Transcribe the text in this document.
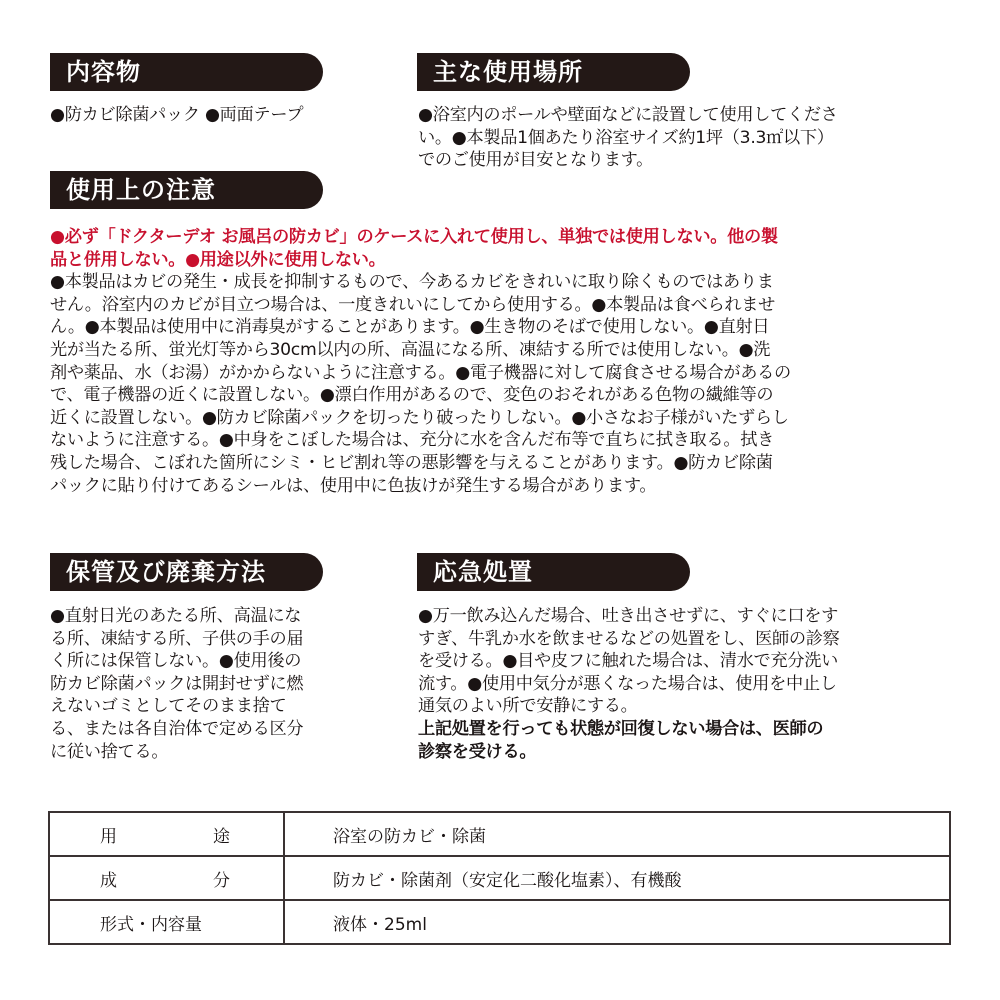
内容物
●防カビ除菌パック ●両面テープ
主な使用場所
●浴室内のポールや壁面などに設置して使用してくださ
い。●本製品1個あたり浴室サイズ約1坪（3.3㎡以下）
でのご使用が目安となります。
使用上の注意
●必ず「ドクターデオ お風呂の防カビ」のケースに入れて使用し、単独では使用しない。他の製
品と併用しない。●用途以外に使用しない。
●本製品はカビの発生・成長を抑制するもので、今あるカビをきれいに取り除くものではありま
せん。浴室内のカビが目立つ場合は、一度きれいにしてから使用する。●本製品は食べられませ
ん。●本製品は使用中に消毒臭がすることがあります。●生き物のそばで使用しない。●直射日
光が当たる所、蛍光灯等から30cm以内の所、高温になる所、凍結する所では使用しない。●洗
剤や薬品、水（お湯）がかからないように注意する。●電子機器に対して腐食させる場合があるの
で、電子機器の近くに設置しない。●漂白作用があるので、変色のおそれがある色物の繊維等の
近くに設置しない。●防カビ除菌パックを切ったり破ったりしない。●小さなお子様がいたずらし
ないように注意する。●中身をこぼした場合は、充分に水を含んだ布等で直ちに拭き取る。拭き
残した場合、こぼれた箇所にシミ・ヒビ割れ等の悪影響を与えることがあります。●防カビ除菌
パックに貼り付けてあるシールは、使用中に色抜けが発生する場合があります。
保管及び廃棄方法
●直射日光のあたる所、高温にな
る所、凍結する所、子供の手の届
く所には保管しない。●使用後の
防カビ除菌パックは開封せずに燃
えないゴミとしてそのまま捨て
る、または各自治体で定める区分
に従い捨てる。
応急処置
●万一飲み込んだ場合、吐き出させずに、すぐに口をす
すぎ、牛乳か水を飲ませるなどの処置をし、医師の診察
を受ける。●目や皮フに触れた場合は、清水で充分洗い
流す。●使用中気分が悪くなった場合は、使用を中止し
通気のよい所で安静にする。
上記処置を行っても状態が回復しない場合は、医師の
診察を受ける。
用 途	浴室の防カビ・除菌

成 分	防カビ・除菌剤（安定化二酸化塩素）、有機酸

形式・内容量	液体・25ml
